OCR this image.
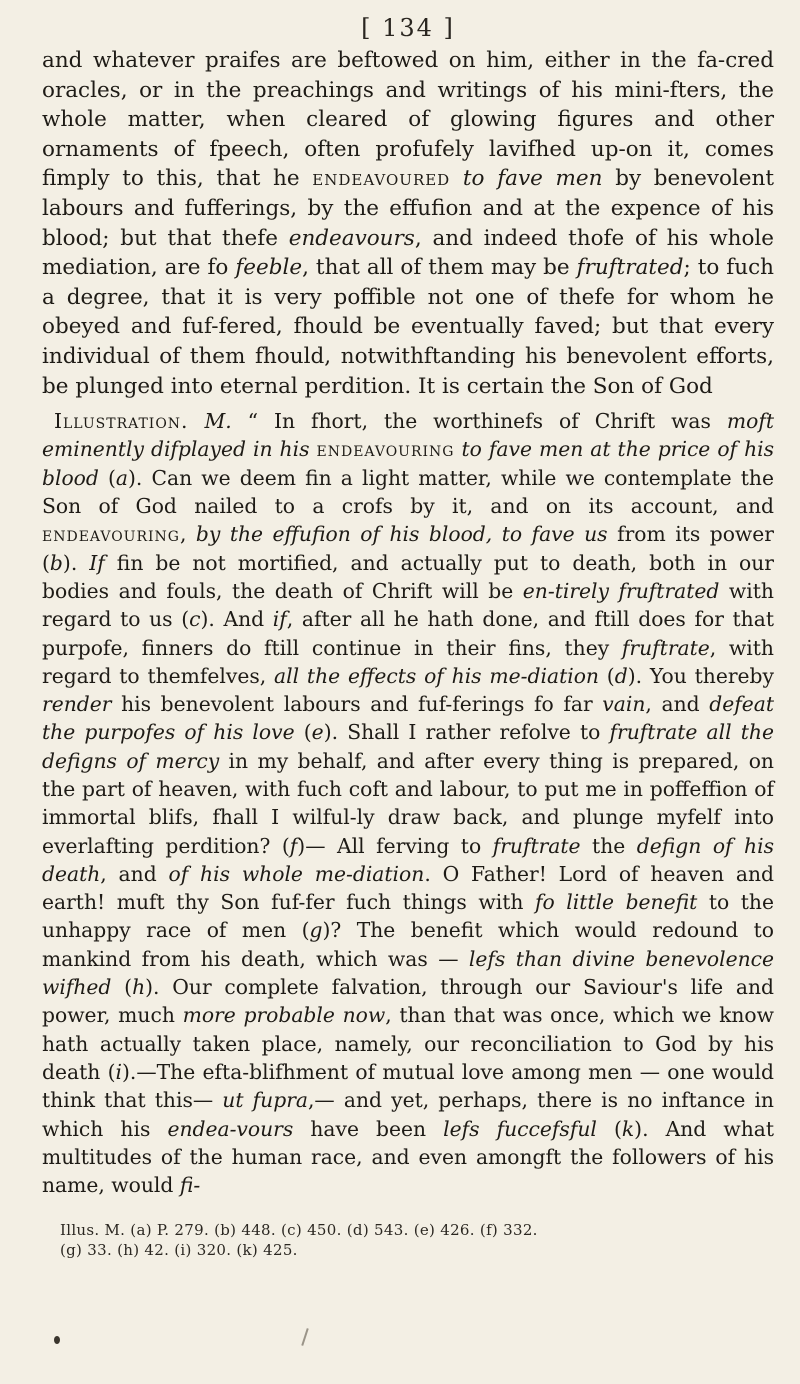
[ 134 ]

and whatever praifes are beftowed on him, either in the fa-cred oracles, or in the preachings and writings of his mini-fters, the whole matter, when cleared of glowing figures and other ornaments of fpeech, often profufely lavifhed up-on it, comes fimply to this, that he endeavoured to fave men by benevolent labours and fufferings, by the effufion and at the expence of his blood; but that thefe endeavours, and indeed thofe of his whole mediation, are fo feeble, that all of them may be fruftrated; to fuch a degree, that it is very poffible not one of thefe for whom he obeyed and fuf-fered, fhould be eventually faved; but that every individual of them fhould, notwithftanding his benevolent efforts, be plunged into eternal perdition. It is certain the Son of God

Illustration. M. “ In fhort, the worthinefs of Chrift was moft eminently difplayed in his endeavouring to fave men at the price of his blood (a). Can we deem fin a light matter, while we contemplate the Son of God nailed to a crofs by it, and on its account, and endeavouring, by the effufion of his blood, to fave us from its power (b). If fin be not mortified, and actually put to death, both in our bodies and fouls, the death of Chrift will be en-tirely fruftrated with regard to us (c). And if, after all he hath done, and ftill does for that purpofe, finners do ftill continue in their fins, they fruftrate, with regard to themfelves, all the effects of his me-diation (d). You thereby render his benevolent labours and fuf-ferings fo far vain, and defeat the purpofes of his love (e). Shall I rather refolve to fruftrate all the defigns of mercy in my behalf, and after every thing is prepared, on the part of heaven, with fuch coft and labour, to put me in poffeffion of immortal blifs, fhall I wilful-ly draw back, and plunge myfelf into everlafting perdition? (f)— All ferving to fruftrate the defign of his death, and of his whole me-diation. O Father! Lord of heaven and earth! muft thy Son fuf-fer fuch things with fo little benefit to the unhappy race of men (g)? The benefit which would redound to mankind from his death, which was — lefs than divine benevolence wifhed (h). Our complete falvation, through our Saviour's life and power, much more probable now, than that was once, which we know hath actually taken place, namely, our reconciliation to God by his death (i).—The efta-blifhment of mutual love among men — one would think that this— ut fupra,— and yet, perhaps, there is no inftance in which his endea-vours have been lefs fuccefsful (k). And what multitudes of the human race, and even amongft the followers of his name, would fi-

Illus. M. (a) P. 279. (b) 448. (c) 450. (d) 543. (e) 426. (f) 332.
(g) 33. (h) 42. (i) 320. (k) 425.
